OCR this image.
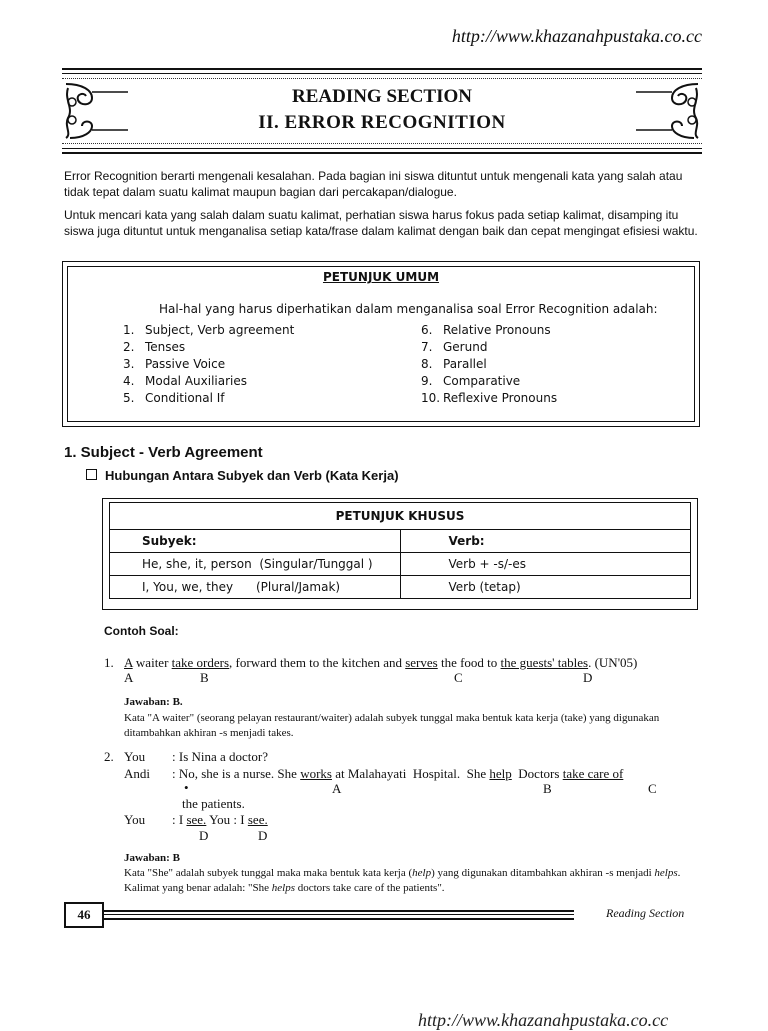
http://www.khazanahpustaka.co.cc
READING SECTION
II. ERROR RECOGNITION
Error Recognition berarti mengenali kesalahan. Pada bagian ini siswa dituntut untuk mengenali kata yang salah atau tidak tepat dalam suatu kalimat maupun bagian dari percakapan/dialogue.
Untuk mencari kata yang salah dalam suatu kalimat, perhatian siswa harus fokus pada setiap kalimat, disamping itu siswa juga dituntut untuk menganalisa setiap kata/frase dalam kalimat dengan baik dan cepat mengingat efisiesi waktu.
PETUNJUK UMUM
Hal-hal yang harus diperhatikan dalam menganalisa soal Error Recognition adalah:
1. Subject, Verb agreement
2. Tenses
3. Passive Voice
4. Modal Auxiliaries
5. Conditional If
6. Relative Pronouns
7. Gerund
8. Parallel
9. Comparative
10. Reflexive Pronouns
1. Subject - Verb Agreement
Hubungan Antara Subyek dan Verb (Kata Kerja)
PETUNJUK KHUSUS	
Subyek:	Verb:
He, she, it, person  (Singular/Tunggal )	Verb + -s/-es
I, You, we, they      (Plural/Jamak)	Verb (tetap)
Contoh Soal:
1. A waiter take orders, forward them to the kitchen and serves the food to the guests' tables. (UN'05)
A	B	C	D
Jawaban: B.
Kata "A waiter" (seorang pelayan restaurant/waiter) adalah subyek tunggal maka bentuk kata kerja (take) yang digunakan ditambahkan akhiran -s menjadi takes.
2. You : Is Nina a doctor?
Andi : No, she is a nurse. She works at Malahayati  Hospital.  She help  Doctors take care of
•	A	B	C
the patients.
You : I see. You : I see.
D	D
Jawaban: B
Kata "She" adalah subyek tunggal maka maka bentuk kata kerja (help) yang digunakan ditambahkan akhiran -s menjadi helps. Kalimat yang benar adalah: "She helps doctors take care of the patients".
46	Reading Section
http://www.khazanahpustaka.co.cc
